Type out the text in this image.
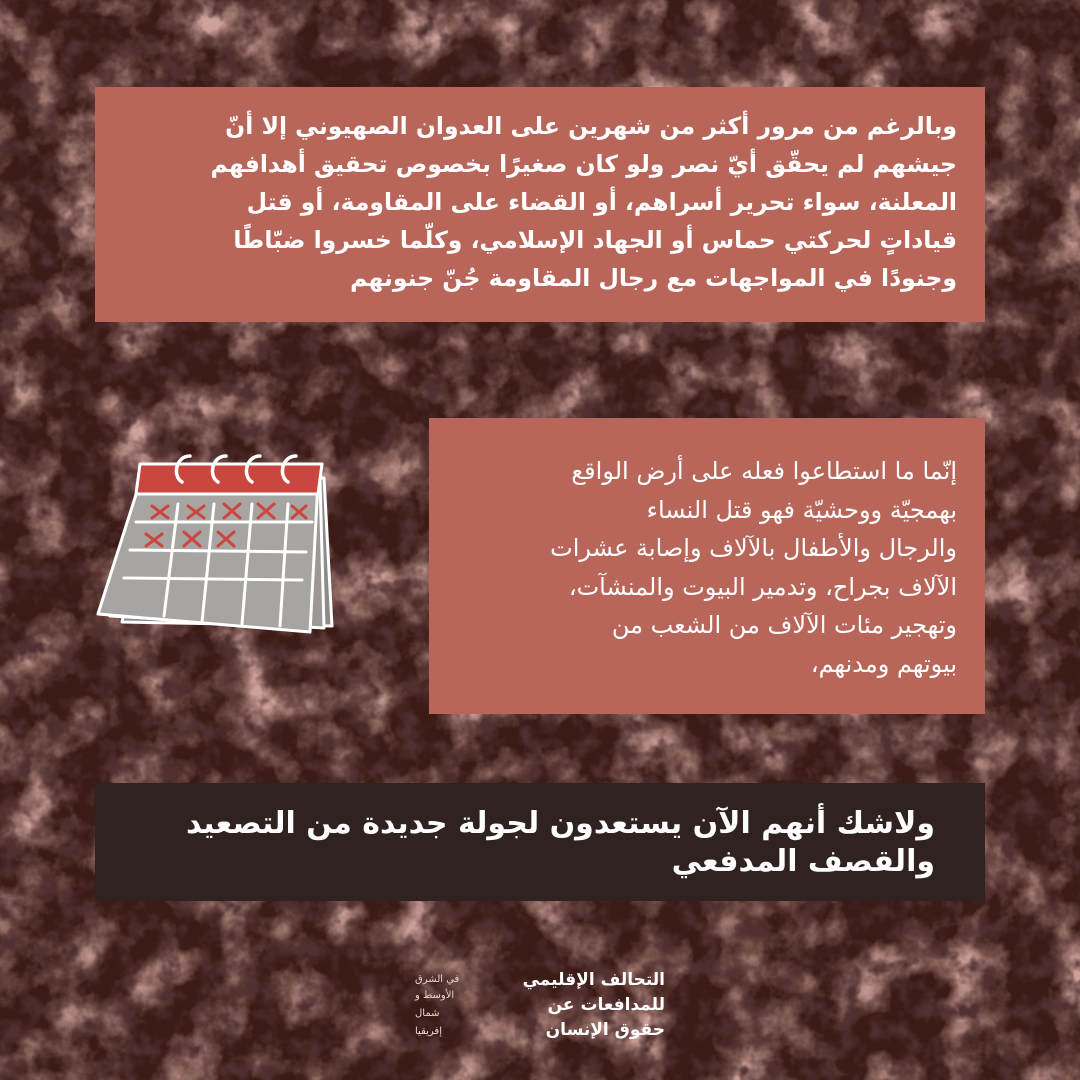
وبالرغم من مرور أكثر من شهرين على العدوان الصهيوني إلا أنّ
جيشهم لم يحقّق أيّ نصر ولو كان صغيرًا بخصوص تحقيق أهدافهم
المعلنة، سواء تحرير أسراهم، أو القضاء على المقاومة، أو قتل
قياداتٍ لحركتي حماس أو الجهاد الإسلامي، وكلّما خسروا ضبّاطًا
وجنودًا في المواجهات مع رجال المقاومة جُنّ جنونهم
إنّما ما استطاعوا فعله على أرض الواقع
بهمجيّة ووحشيّة فهو قتل النساء
والرجال والأطفال بالآلاف وإصابة عشرات
الآلاف بجراح، وتدمير البيوت والمنشآت،
وتهجير مئات الآلاف من الشعب من
بيوتهم ومدنهم،
ولاشك أنهم الآن يستعدون لجولة جديدة من التصعيد
والقصف المدفعي
التحالف الإقليمي
للمدافعات عن
حقوق الإنسان
في الشرق
الأوسط و
شمال
إفريقيا
